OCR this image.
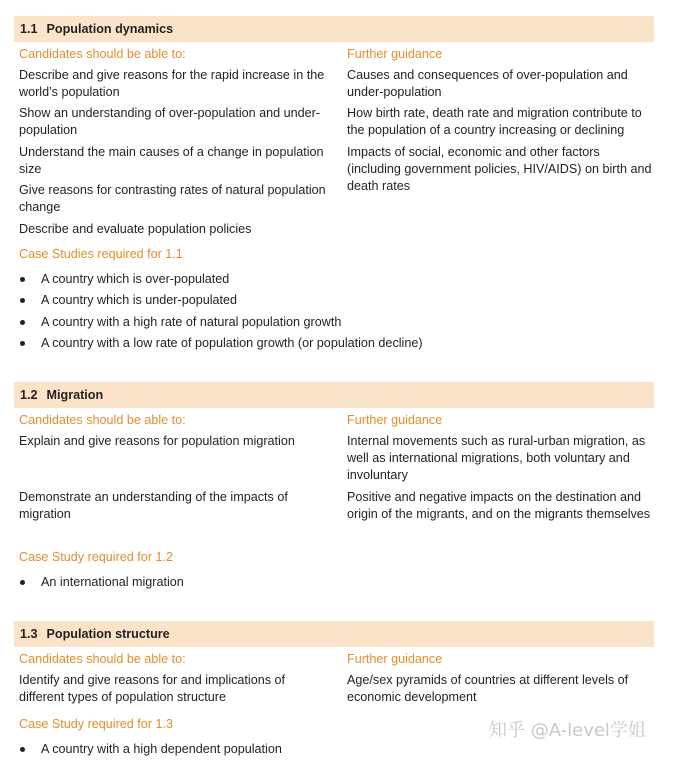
1.1 Population dynamics
Candidates should be able to:
Describe and give reasons for the rapid increase in the world’s population
Show an understanding of over-population and under-population
Understand the main causes of a change in population size
Give reasons for contrasting rates of natural population change
Describe and evaluate population policies
Case Studies required for 1.1
Further guidance
Causes and consequences of over-population and under-population
How birth rate, death rate and migration contribute to the population of a country increasing or declining
Impacts of social, economic and other factors (including government policies, HIV/AIDS) on birth and death rates
A country which is over-populated
A country which is under-populated
A country with a high rate of natural population growth
A country with a low rate of population growth (or population decline)
1.2 Migration
Candidates should be able to:
Explain and give reasons for population migration
Demonstrate an understanding of the impacts of migration
Case Study required for 1.2
Further guidance
Internal movements such as rural-urban migration, as well as international migrations, both voluntary and involuntary
Positive and negative impacts on the destination and origin of the migrants, and on the migrants themselves
An international migration
1.3 Population structure
Candidates should be able to:
Identify and give reasons for and implications of different types of population structure
Case Study required for 1.3
Further guidance
Age/sex pyramids of countries at different levels of economic development
A country with a high dependent population
知乎 @A-level学姐
